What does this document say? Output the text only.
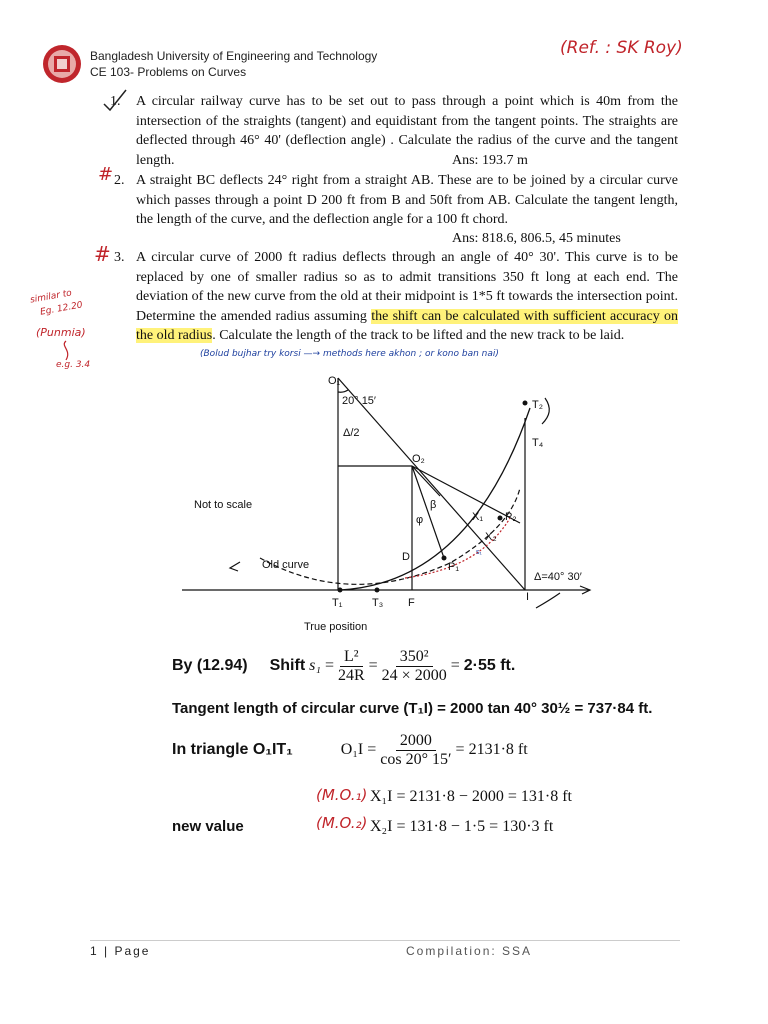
Bangladesh University of Engineering and Technology
CE 103- Problems on Curves
(Ref. : SK Roy)
1. A circular railway curve has to be set out to pass through a point which is 40m from the intersection of the straights (tangent) and equidistant from the tangent points. The straights are deflected through 46° 40' (deflection angle) . Calculate the radius of the curve and the tangent length.	Ans: 193.7 m
# 2. A straight BC deflects 24° right from a straight AB. These are to be joined by a circular curve which passes through a point D 200 ft from B and 50ft from AB. Calculate the tangent length, the length of the curve, and the deflection angle for a 100 ft chord.
Ans: 818.6, 806.5, 45 minutes
# 3. A circular curve of 2000 ft radius deflects through an angle of 40° 30'. This curve is to be replaced by one of smaller radius so as to admit transitions 350 ft long at each end. The deviation of the new curve from the old at their midpoint is 1*5 ft towards the intersection point. Determine the amended radius assuming the shift can be calculated with sufficient accuracy on the old radius. Calculate the length of the track to be lifted and the new track to be laid.
similar to
Eg. 12.20
(Punmia)
e.g. 3.4
(Bolud bujhar try korsi —→ methods here akhon ; or kono ban nai)
O₁
20° 15′
Δ/2
O₂
Not to scale
φ
β
X₁
X₂
P₂
P₁
D
Old curve
Δ=40° 30′
T₁	T₃ F	I
T₂
T₄
True position
s₁
By (12.94) Shift $s_1 = \frac{\text{L²}}{24R} = \frac{\text{350²}}{24 \times 2000} = 2\cdot 55$ ft.
Tangent length of circular curve (T₁I) = 2000 tan 40° 30½ = 737·84 ft.
In triangle O₁IT₁	$O_1I = \frac{2000}{\cos 20^\circ 15'} = 2131\cdot 8$ ft
(M.O.₁) X₁I = 2131·8 − 2000 = 131·8 ft
new value	(M.O.₂) X₂I = 131·8 − 1·5 = 130·3 ft
1 | Page	Compilation: SSA
